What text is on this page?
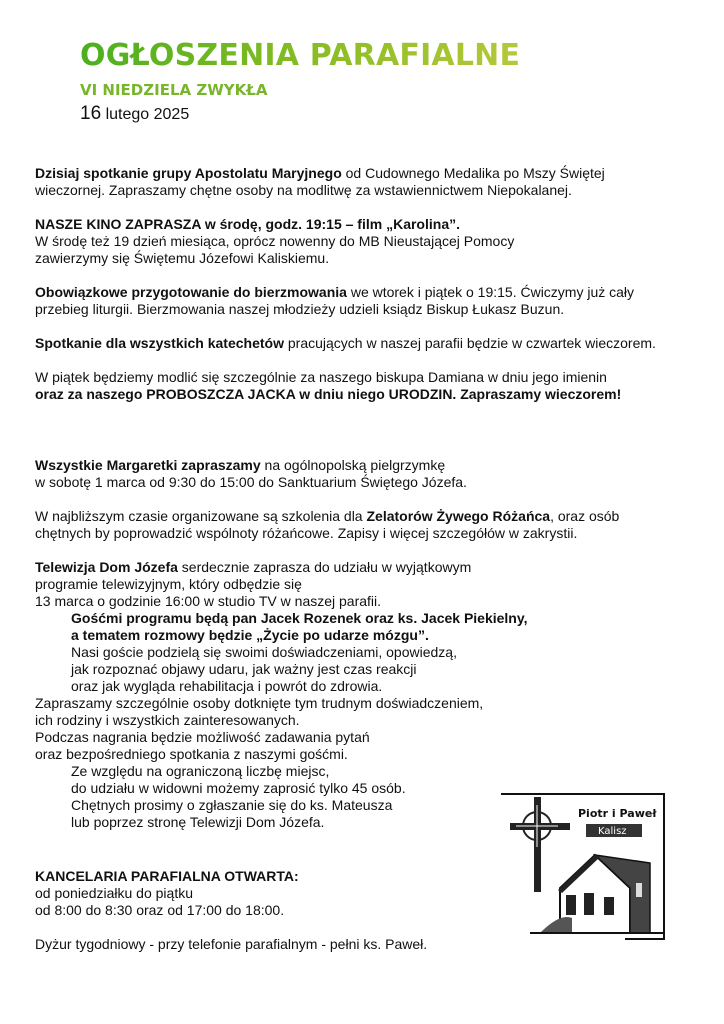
OGŁOSZENIA PARAFIALNE
VI NIEDZIELA ZWYKŁA
16 lutego 2025

Dzisiaj spotkanie grupy Apostolatu Maryjnego od Cudownego Medalika po Mszy Świętej
wieczornej. Zapraszamy chętne osoby na modlitwę za wstawiennictwem Niepokalanej.

NASZE KINO ZAPRASZA w środę, godz. 19:15 – film „Karolina”.
W środę też 19 dzień miesiąca, oprócz nowenny do MB Nieustającej Pomocy
zawierzymy się Świętemu Józefowi Kaliskiemu.

Obowiązkowe przygotowanie do bierzmowania we wtorek i piątek o 19:15. Ćwiczymy już cały
przebieg liturgii. Bierzmowania naszej młodzieży udzieli ksiądz Biskup Łukasz Buzun.

Spotkanie dla wszystkich katechetów pracujących w naszej parafii będzie w czwartek wieczorem.

W piątek będziemy modlić się szczególnie za naszego biskupa Damiana w dniu jego imienin
oraz za naszego PROBOSZCZA JACKA w dniu niego URODZIN. Zapraszamy wieczorem!

Wszystkie Margaretki zapraszamy na ogólnopolską pielgrzymkę
w sobotę 1 marca od 9:30 do 15:00 do Sanktuarium Świętego Józefa.

W najbliższym czasie organizowane są szkolenia dla Zelatorów Żywego Różańca, oraz osób
chętnych by poprowadzić wspólnoty różańcowe. Zapisy i więcej szczegółów w zakrystii.

Telewizja Dom Józefa serdecznie zaprasza do udziału w wyjątkowym

programie telewizyjnym, który odbędzie się

13 marca o godzinie 16:00 w studio TV w naszej parafii.

Gośćmi programu będą pan Jacek Rozenek oraz ks. Jacek Piekielny,

a tematem rozmowy będzie „Życie po udarze mózgu”.

Nasi goście podzielą się swoimi doświadczeniami, opowiedzą,

jak rozpoznać objawy udaru, jak ważny jest czas reakcji

oraz jak wygląda rehabilitacja i powrót do zdrowia.

Zapraszamy szczególnie osoby dotknięte tym trudnym doświadczeniem,

ich rodziny i wszystkich zainteresowanych.

Podczas nagrania będzie możliwość zadawania pytań

oraz bezpośredniego spotkania z naszymi gośćmi.

Ze względu na ograniczoną liczbę miejsc,

do udziału w widowni możemy zaprosić tylko 45 osób.

Chętnych prosimy o zgłaszanie się do ks. Mateusza

lub poprzez stronę Telewizji Dom Józefa.

KANCELARIA PARAFIALNA OTWARTA:
od poniedziałku do piątku
od 8:00 do 8:30 oraz od 17:00 do 18:00.

Dyżur tygodniowy - przy telefonie parafialnym - pełni ks. Paweł.

Piotr i Paweł
Kalisz
